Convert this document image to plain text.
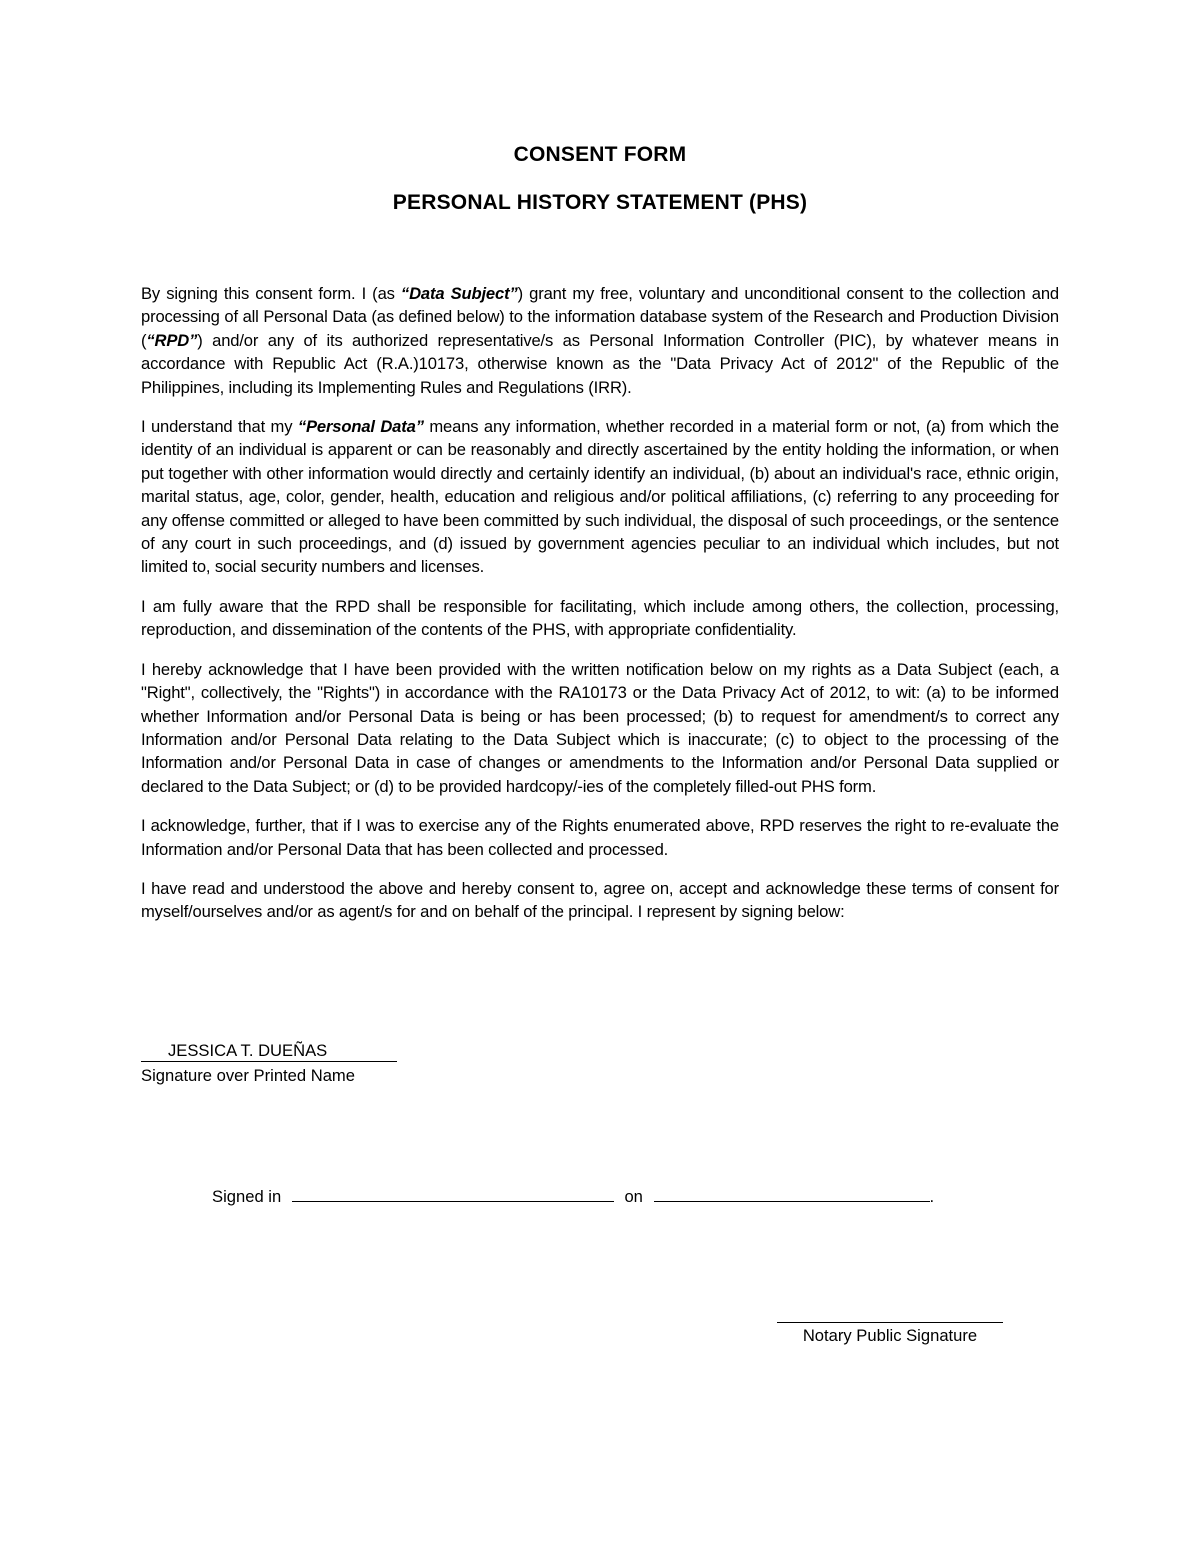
CONSENT FORM
PERSONAL HISTORY STATEMENT (PHS)

By signing this consent form. I (as “Data Subject”) grant my free, voluntary and unconditional consent to the collection and processing of all Personal Data (as defined below) to the information database system of the Research and Production Division (“RPD”) and/or any of its authorized representative/s as Personal Information Controller (PIC), by whatever means in accordance with Republic Act (R.A.)10173, otherwise known as the "Data Privacy Act of 2012" of the Republic of the Philippines, including its Implementing Rules and Regulations (IRR).

I understand that my “Personal Data” means any information, whether recorded in a material form or not, (a) from which the identity of an individual is apparent or can be reasonably and directly ascertained by the entity holding the information, or when put together with other information would directly and certainly identify an individual, (b) about an individual's race, ethnic origin, marital status, age, color, gender, health, education and religious and/or political affiliations, (c) referring to any proceeding for any offense committed or alleged to have been committed by such individual, the disposal of such proceedings, or the sentence of any court in such proceedings, and (d) issued by government agencies peculiar to an individual which includes, but not limited to, social security numbers and licenses.

I am fully aware that the RPD shall be responsible for facilitating, which include among others, the collection, processing, reproduction, and dissemination of the contents of the PHS, with appropriate confidentiality.

I hereby acknowledge that I have been provided with the written notification below on my rights as a Data Subject (each, a "Right", collectively, the "Rights") in accordance with the RA10173 or the Data Privacy Act of 2012, to wit: (a) to be informed whether Information and/or Personal Data is being or has been processed; (b) to request for amendment/s to correct any Information and/or Personal Data relating to the Data Subject which is inaccurate; (c) to object to the processing of the Information and/or Personal Data in case of changes or amendments to the Information and/or Personal Data supplied or declared to the Data Subject; or (d) to be provided hardcopy/-ies of the completely filled-out PHS form.

I acknowledge, further, that if I was to exercise any of the Rights enumerated above, RPD reserves the right to re-evaluate the Information and/or Personal Data that has been collected and processed.

I have read and understood the above and hereby consent to, agree on, accept and acknowledge these terms of consent for myself/ourselves and/or as agent/s for and on behalf of the principal. I represent by signing below:

JESSICA T. DUEÑAS
Signature over Printed Name
Signed in	on	.
Notary Public Signature
